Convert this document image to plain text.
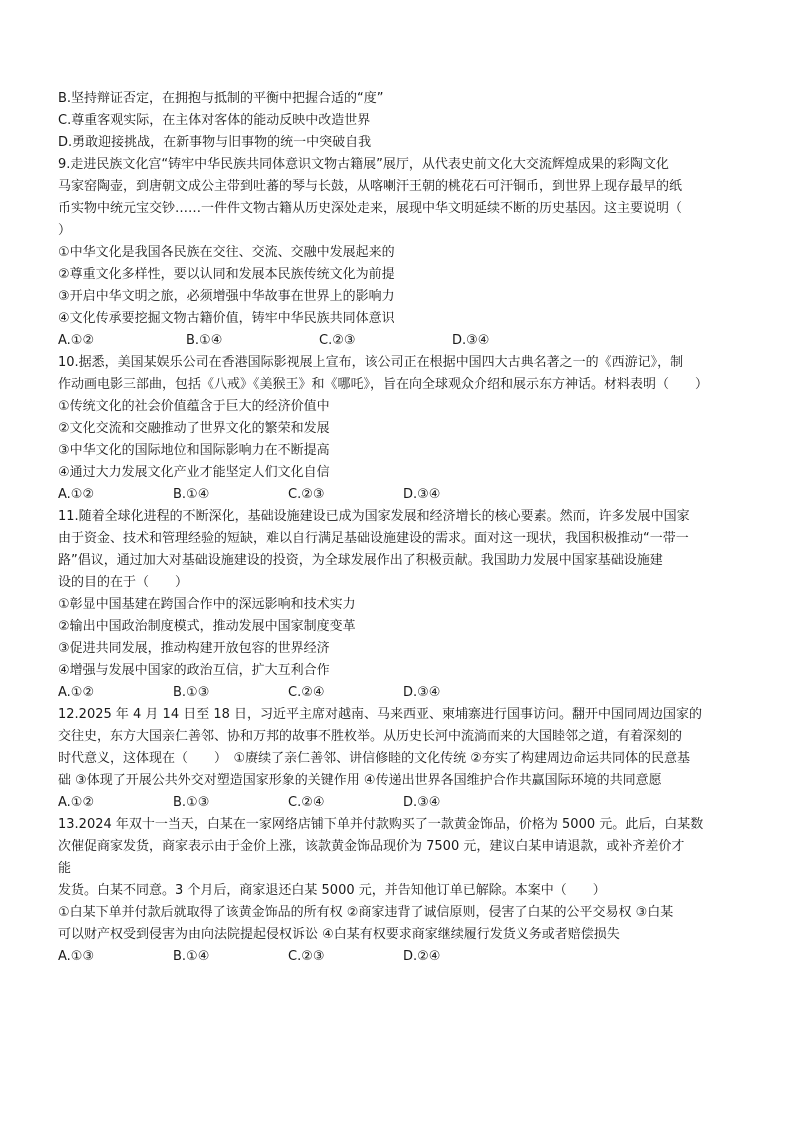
B.坚持辩证否定，在拥抱与抵制的平衡中把握合适的“度”
C.尊重客观实际，在主体对客体的能动反映中改造世界
D.勇敢迎接挑战，在新事物与旧事物的统一中突破自我
9.走进民族文化宫“铸牢中华民族共同体意识文物古籍展”展厅，从代表史前文化大交流辉煌成果的彩陶文化
马家窑陶壶，到唐朝文成公主带到吐蕃的琴与长鼓，从喀喇汗王朝的桃花石可汗铜币，到世界上现存最早的纸
币实物中统元宝交钞……一件件文物古籍从历史深处走来，展现中华文明延续不断的历史基因。这主要说明（
）
①中华文化是我国各民族在交往、交流、交融中发展起来的
②尊重文化多样性，要以认同和发展本民族传统文化为前提
③开启中华文明之旅，必须增强中华故事在世界上的影响力
④文化传承要挖掘文物古籍价值，铸牢中华民族共同体意识
A.①②	B.①④	C.②③	D.③④
10.据悉，美国某娱乐公司在香港国际影视展上宣布，该公司正在根据中国四大古典名著之一的《西游记》，制
作动画电影三部曲，包括《八戒》《美猴王》和《哪吒》，旨在向全球观众介绍和展示东方神话。材料表明（　　）
①传统文化的社会价值蕴含于巨大的经济价值中
②文化交流和交融推动了世界文化的繁荣和发展
③中华文化的国际地位和国际影响力在不断提高
④通过大力发展文化产业才能坚定人们文化自信
A.①②	B.①④	C.②③	D.③④
11.随着全球化进程的不断深化，基础设施建设已成为国家发展和经济增长的核心要素。然而，许多发展中国家
由于资金、技术和管理经验的短缺，难以自行满足基础设施建设的需求。面对这一现状，我国积极推动“一带一
路”倡议，通过加大对基础设施建设的投资，为全球发展作出了积极贡献。我国助力发展中国家基础设施建
设的目的在于（　　）
①彰显中国基建在跨国合作中的深远影响和技术实力
②输出中国政治制度模式，推动发展中国家制度变革
③促进共同发展，推动构建开放包容的世界经济
④增强与发展中国家的政治互信，扩大互利合作
A.①②	B.①③	C.②④	D.③④
12.2025 年 4 月 14 日至 18 日，习近平主席对越南、马来西亚、柬埔寨进行国事访问。翻开中国同周边国家的
交往史，东方大国亲仁善邻、协和万邦的故事不胜枚举。从历史长河中流淌而来的大国睦邻之道，有着深刻的
时代意义，这体现在（　　）　①赓续了亲仁善邻、讲信修睦的文化传统 ②夯实了构建周边命运共同体的民意基
础 ③体现了开展公共外交对塑造国家形象的关键作用 ④传递出世界各国维护合作共赢国际环境的共同意愿
A.①②	B.①③	C.②④	D.③④
13.2024 年双十一当天，白某在一家网络店铺下单并付款购买了一款黄金饰品，价格为 5000 元。此后，白某数
次催促商家发货，商家表示由于金价上涨，该款黄金饰品现价为 7500 元，建议白某申请退款，或补齐差价才
能
发货。白某不同意。3 个月后，商家退还白某 5000 元，并告知他订单已解除。本案中（　　）
①白某下单并付款后就取得了该黄金饰品的所有权 ②商家违背了诚信原则，侵害了白某的公平交易权 ③白某
可以财产权受到侵害为由向法院提起侵权诉讼 ④白某有权要求商家继续履行发货义务或者赔偿损失
A.①③	B.①④	C.②③	D.②④
